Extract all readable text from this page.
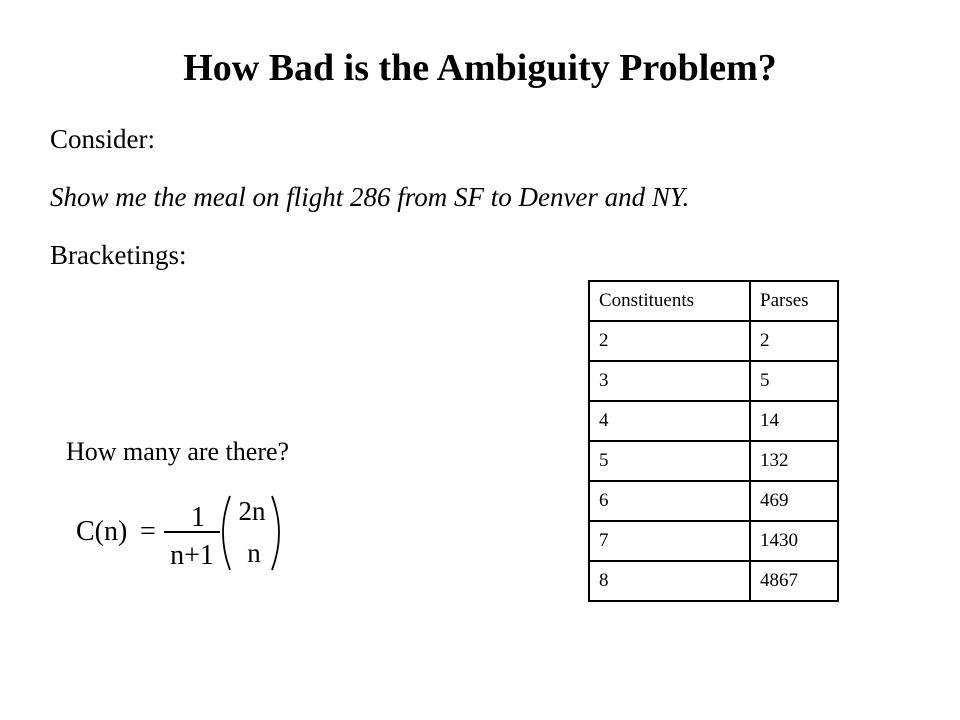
How Bad is the Ambiguity Problem?

Consider:

Show me the meal on flight 286 from SF to Denver and NY.

Bracketings:

How many are there?

C(n) = 1
n+1
2n
n
Constituents	Parses
2	2
3	5
4	14
5	132
6	469
7	1430
8	4867
